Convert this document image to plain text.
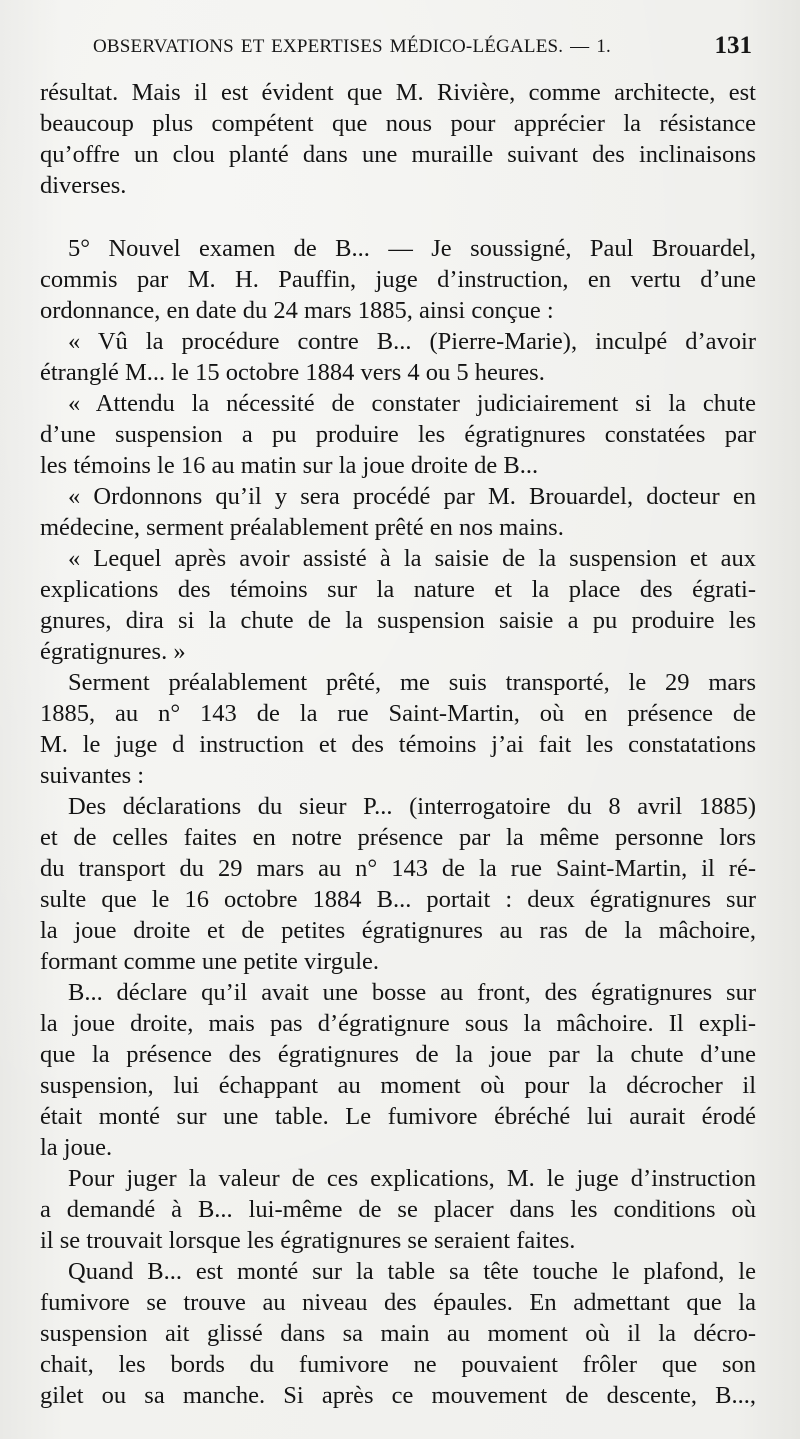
OBSERVATIONS ET EXPERTISES MÉDICO-LÉGALES. — 1.	131
résultat. Mais il est évident que M. Rivière, comme architecte, est
beaucoup plus compétent que nous pour apprécier la résistance
qu’offre un clou planté dans une muraille suivant des inclinaisons
diverses.
5° Nouvel examen de B... — Je soussigné, Paul Brouardel,
commis par M. H. Pauffin, juge d’instruction, en vertu d’une
ordonnance, en date du 24 mars 1885, ainsi conçue :
« Vû la procédure contre B... (Pierre-Marie), inculpé d’avoir
étranglé M... le 15 octobre 1884 vers 4 ou 5 heures.
« Attendu la nécessité de constater judiciairement si la chute
d’une suspension a pu produire les égratignures constatées par
les témoins le 16 au matin sur la joue droite de B...
« Ordonnons qu’il y sera procédé par M. Brouardel, docteur en
médecine, serment préalablement prêté en nos mains.
« Lequel après avoir assisté à la saisie de la suspension et aux
explications des témoins sur la nature et la place des égrati-
gnures, dira si la chute de la suspension saisie a pu produire les
égratignures. »
Serment préalablement prêté, me suis transporté, le 29 mars
1885, au n° 143 de la rue Saint-Martin, où en présence de
M. le juge d instruction et des témoins j’ai fait les constatations
suivantes :
Des déclarations du sieur P... (interrogatoire du 8 avril 1885)
et de celles faites en notre présence par la même personne lors
du transport du 29 mars au n° 143 de la rue Saint-Martin, il ré-
sulte que le 16 octobre 1884 B... portait : deux égratignures sur
la joue droite et de petites égratignures au ras de la mâchoire,
formant comme une petite virgule.
B... déclare qu’il avait une bosse au front, des égratignures sur
la joue droite, mais pas d’égratignure sous la mâchoire. Il expli-
que la présence des égratignures de la joue par la chute d’une
suspension, lui échappant au moment où pour la décrocher il
était monté sur une table. Le fumivore ébréché lui aurait érodé
la joue.
Pour juger la valeur de ces explications, M. le juge d’instruction
a demandé à B... lui-même de se placer dans les conditions où
il se trouvait lorsque les égratignures se seraient faites.
Quand B... est monté sur la table sa tête touche le plafond, le
fumivore se trouve au niveau des épaules. En admettant que la
suspension ait glissé dans sa main au moment où il la décro-
chait, les bords du fumivore ne pouvaient frôler que son
gilet ou sa manche. Si après ce mouvement de descente, B...,
